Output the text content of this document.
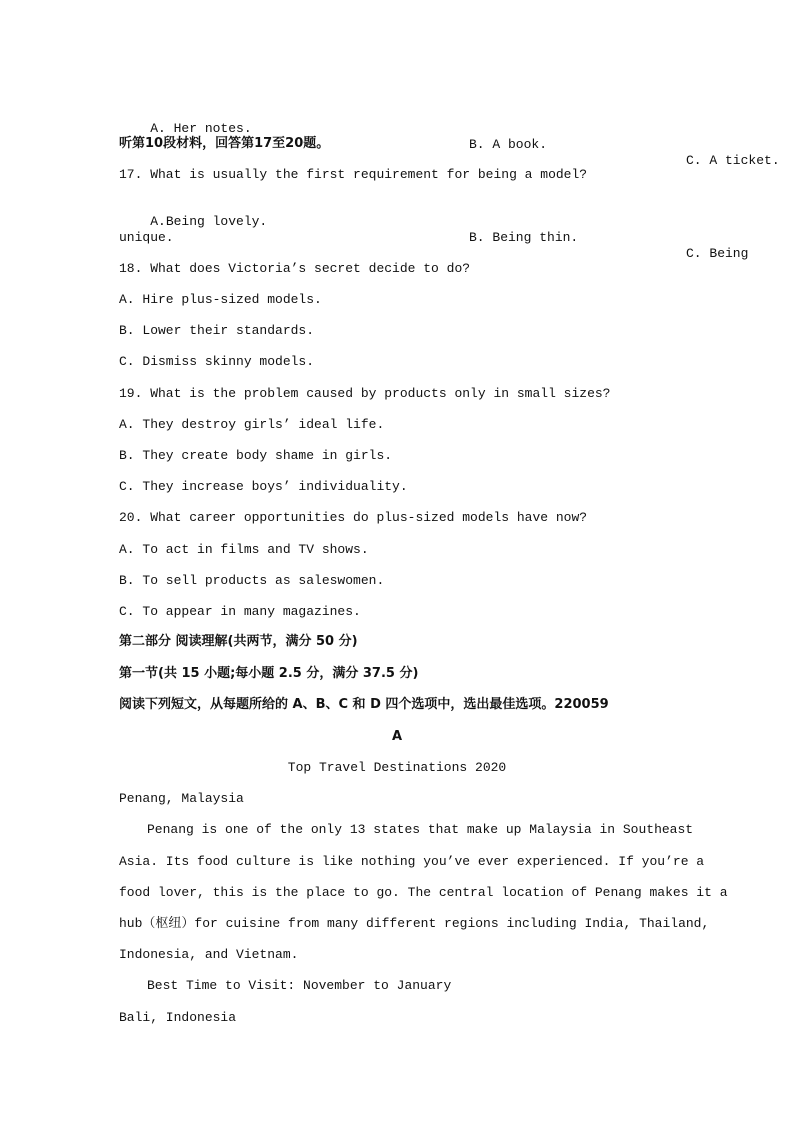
A. Her notes.

B. A book.

C. A ticket.

听第10段材料，回答第17至20题。
17. What is usually the first requirement for being a model?

A.Being lovely.

B. Being thin.

C. Being

unique.
18. What does Victoria’s secret decide to do?
A. Hire plus-sized models.
B. Lower their standards.
C. Dismiss skinny models.
19. What is the problem caused by products only in small sizes?
A. They destroy girls’ ideal life.
B. They create body shame in girls.
C. They increase boys’ individuality.
20. What career opportunities do plus-sized models have now?
A. To act in films and TV shows.
B. To sell products as saleswomen.
C. To appear in many magazines.
第二部分 阅读理解(共两节，满分 50 分)
第一节(共 15 小题;每小题 2.5 分，满分 37.5 分)
阅读下列短文，从每题所给的 A、B、C 和 D 四个选项中，选出最佳选项。220059
A
Top Travel Destinations 2020
Penang, Malaysia
Penang is one of the only 13 states that make up Malaysia in Southeast
Asia. Its food culture is like nothing you’ve ever experienced. If you’re a
food lover, this is the place to go. The central location of Penang makes it a
hub（枢纽）for cuisine from many different regions including India, Thailand,
Indonesia, and Vietnam.
Best Time to Visit: November to January
Bali, Indonesia
